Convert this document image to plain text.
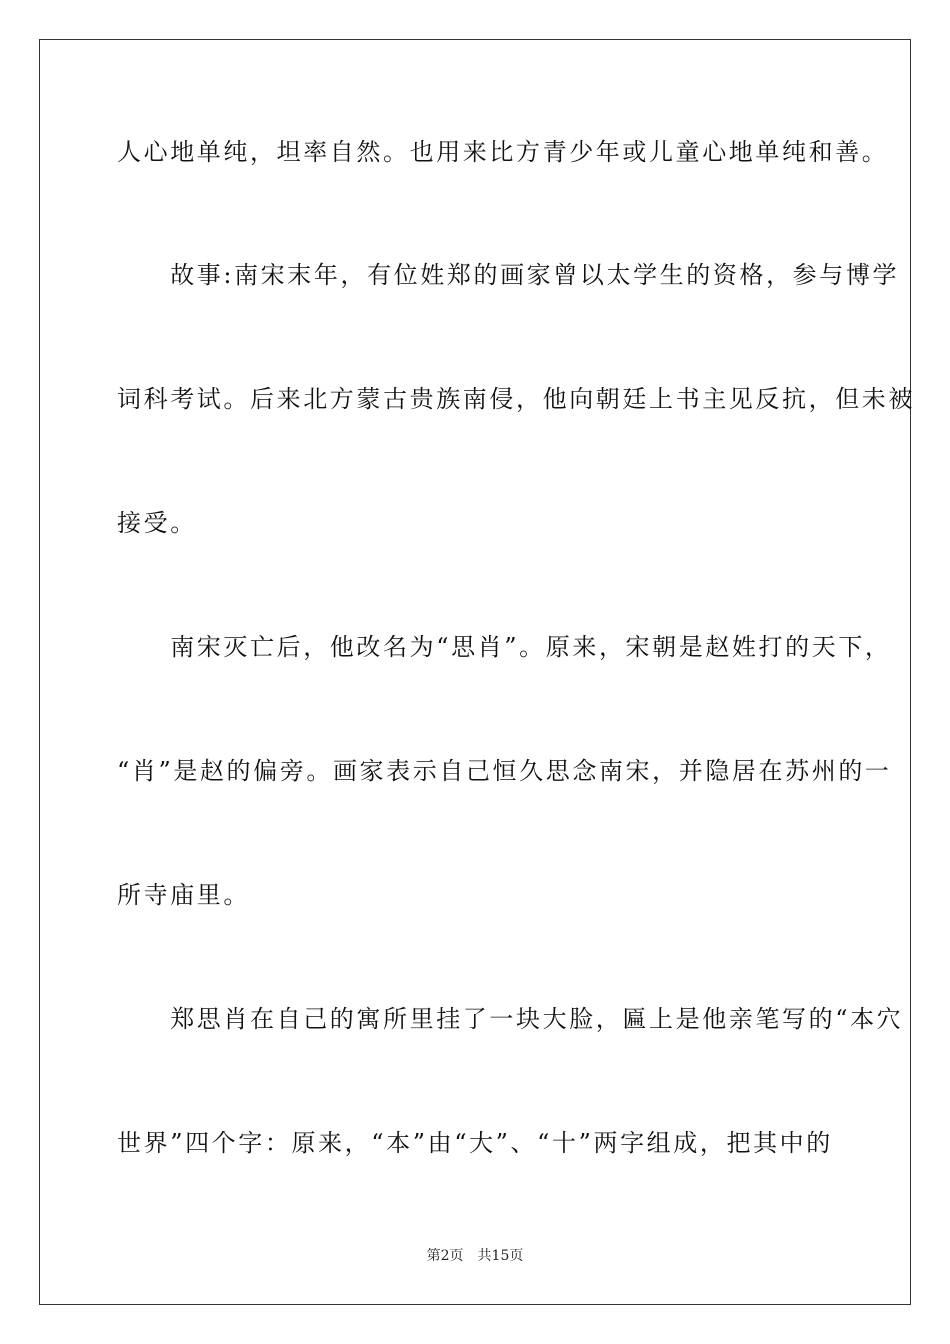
人心地单纯，坦率自然。也用来比方青少年或儿童心地单纯和善。
　　故事:南宋末年，有位姓郑的画家曾以太学生的资格，参与博学
词科考试。后来北方蒙古贵族南侵，他向朝廷上书主见反抗，但未被
接受。
　　南宋灭亡后，他改名为“思肖”。原来，宋朝是赵姓打的天下，
“肖”是赵的偏旁。画家表示自己恒久思念南宋，并隐居在苏州的一
所寺庙里。
　　郑思肖在自己的寓所里挂了一块大脸，匾上是他亲笔写的“本穴
世界”四个字：原来，“本”由“大”、“十”两字组成，把其中的
第2页 共15页
